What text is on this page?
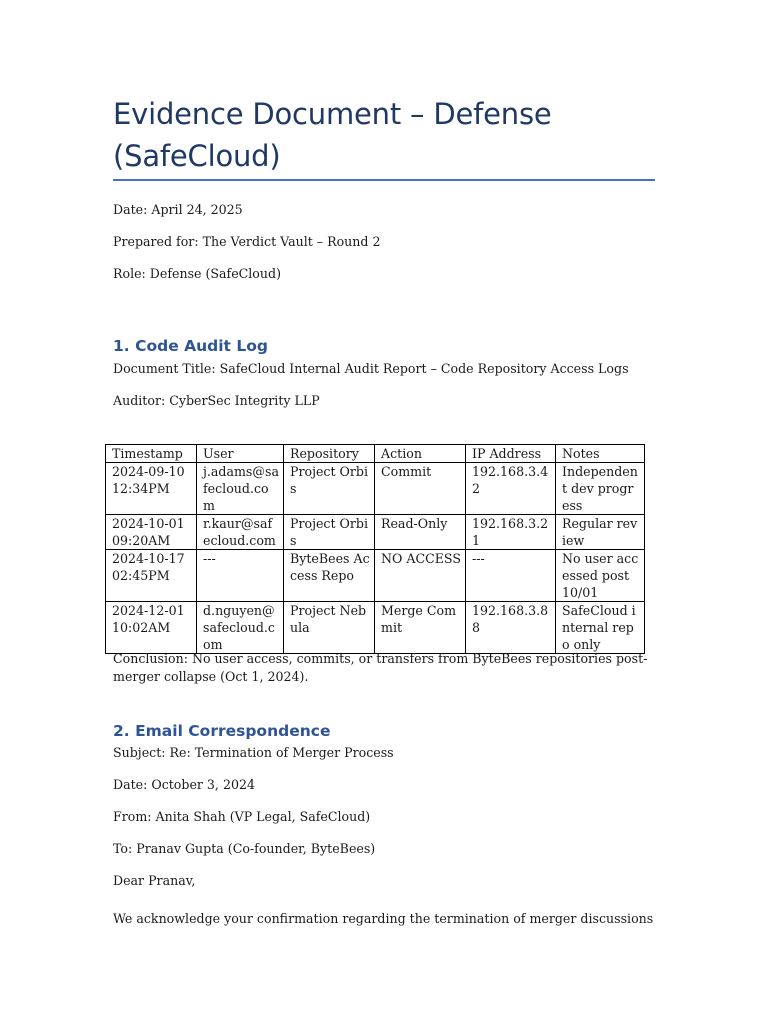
Evidence Document – Defense
(SafeCloud)

Date: April 24, 2025

Prepared for: The Verdict Vault – Round 2

Role: Defense (SafeCloud)

1. Code Audit Log

Document Title: SafeCloud Internal Audit Report – Code Repository Access Logs

Auditor: CyberSec Integrity LLP

Timestamp	User	Repository	Action	IP Address	Notes
2024-09-10 12:34PM	j.adams@safecloud.com	Project Orbis	Commit	192.168.3.42	Independent dev progress
2024-10-01 09:20AM	r.kaur@safecloud.com	Project Orbis	Read-Only	192.168.3.21	Regular review
2024-10-17 02:45PM	---	ByteBees Access Repo	NO ACCESS	---	No user accessed post 10/01
2024-12-01 10:02AM	d.nguyen@safecloud.com	Project Nebula	Merge Commit	192.168.3.88	SafeCloud internal repo only

Conclusion: No user access, commits, or transfers from ByteBees repositories post-merger collapse (Oct 1, 2024).

2. Email Correspondence

Subject: Re: Termination of Merger Process

Date: October 3, 2024

From: Anita Shah (VP Legal, SafeCloud)

To: Pranav Gupta (Co-founder, ByteBees)

Dear Pranav,

We acknowledge your confirmation regarding the termination of merger discussions
